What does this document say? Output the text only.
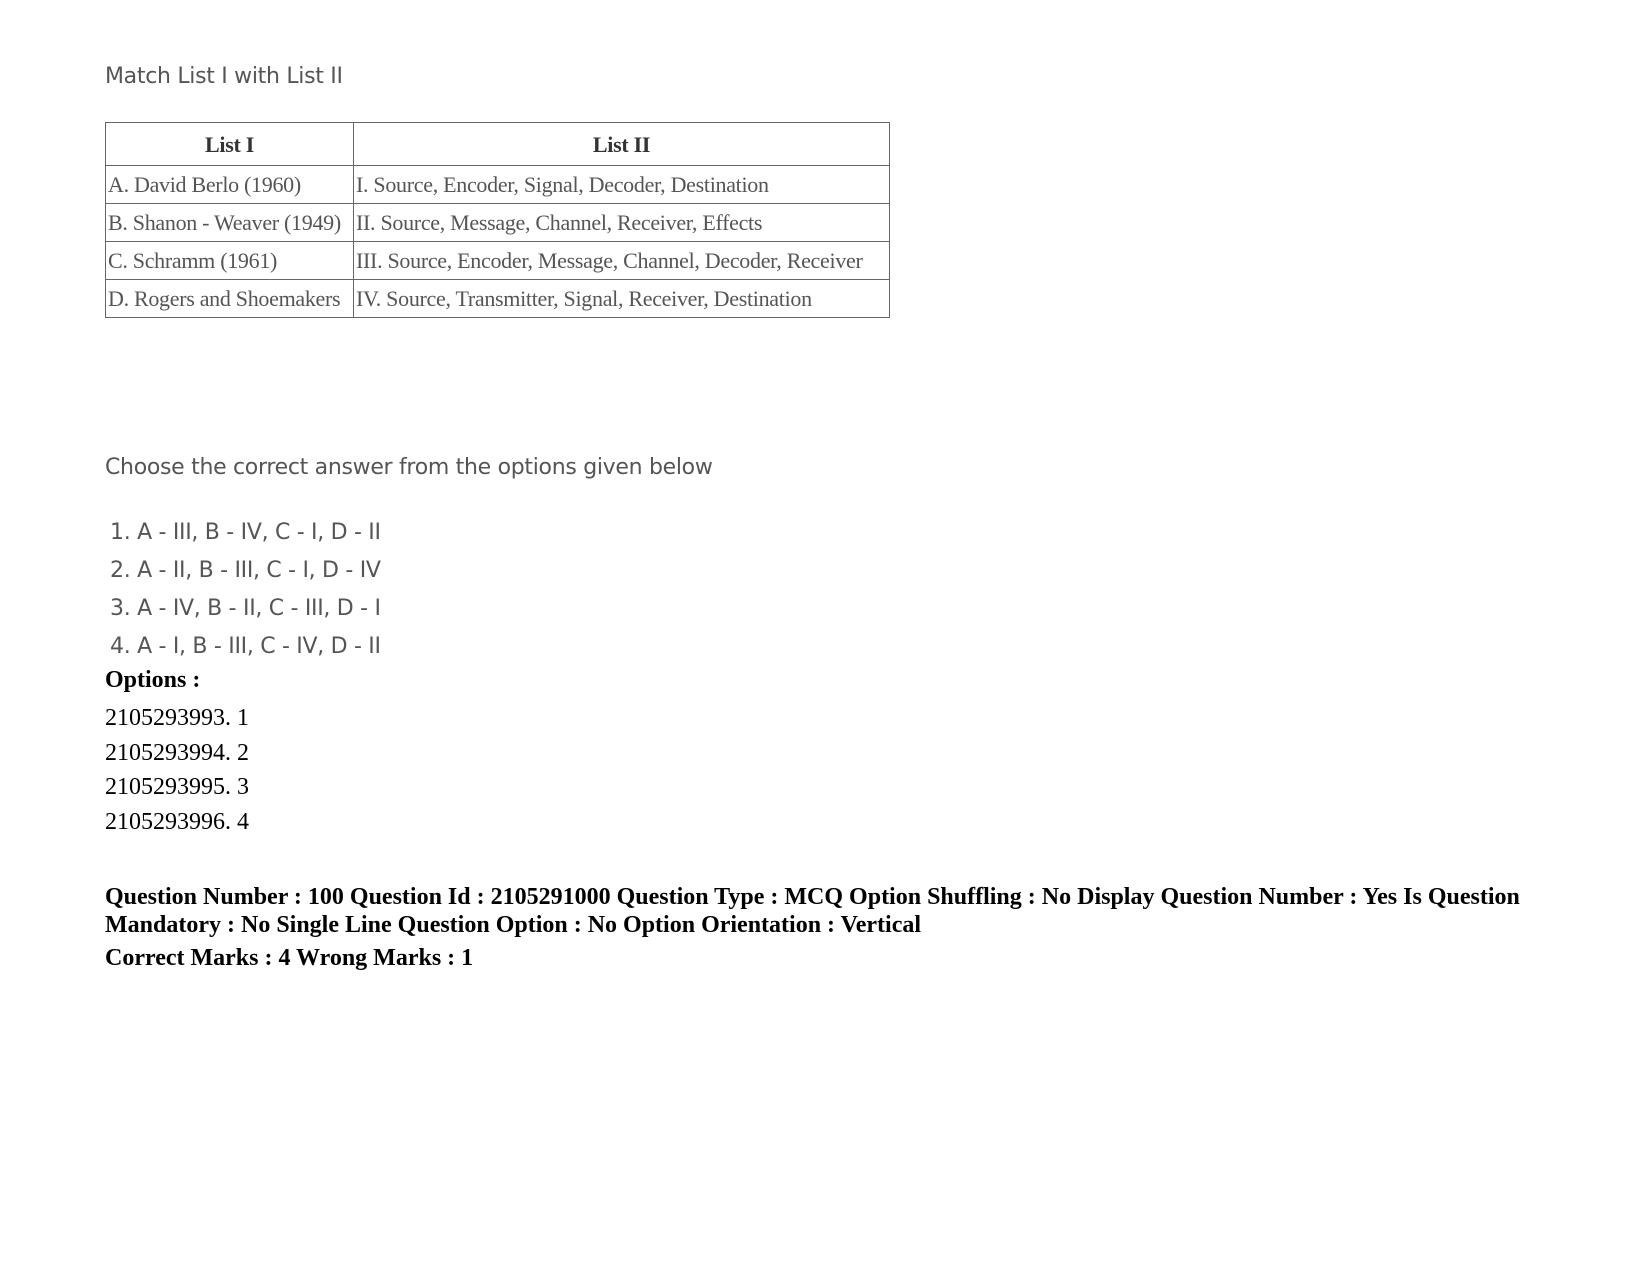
Match List I with List II
List I	List II
A. David Berlo (1960)	I. Source, Encoder, Signal, Decoder, Destination
B. Shanon - Weaver (1949)	II. Source, Message, Channel, Receiver, Effects
C. Schramm (1961)	III. Source, Encoder, Message, Channel, Decoder, Receiver
D. Rogers and Shoemakers	IV. Source, Transmitter, Signal, Receiver, Destination
Choose the correct answer from the options given below
1. A - III, B - IV, C - I, D - II
2. A - II, B - III, C - I, D - IV
3. A - IV, B - II, C - III, D - I
4. A - I, B - III, C - IV, D - II
Options :
2105293993. 1
2105293994. 2
2105293995. 3
2105293996. 4
Question Number : 100 Question Id : 2105291000 Question Type : MCQ Option Shuffling : No Display Question Number : Yes Is Question Mandatory : No Single Line Question Option : No Option Orientation : Vertical
Correct Marks : 4 Wrong Marks : 1
